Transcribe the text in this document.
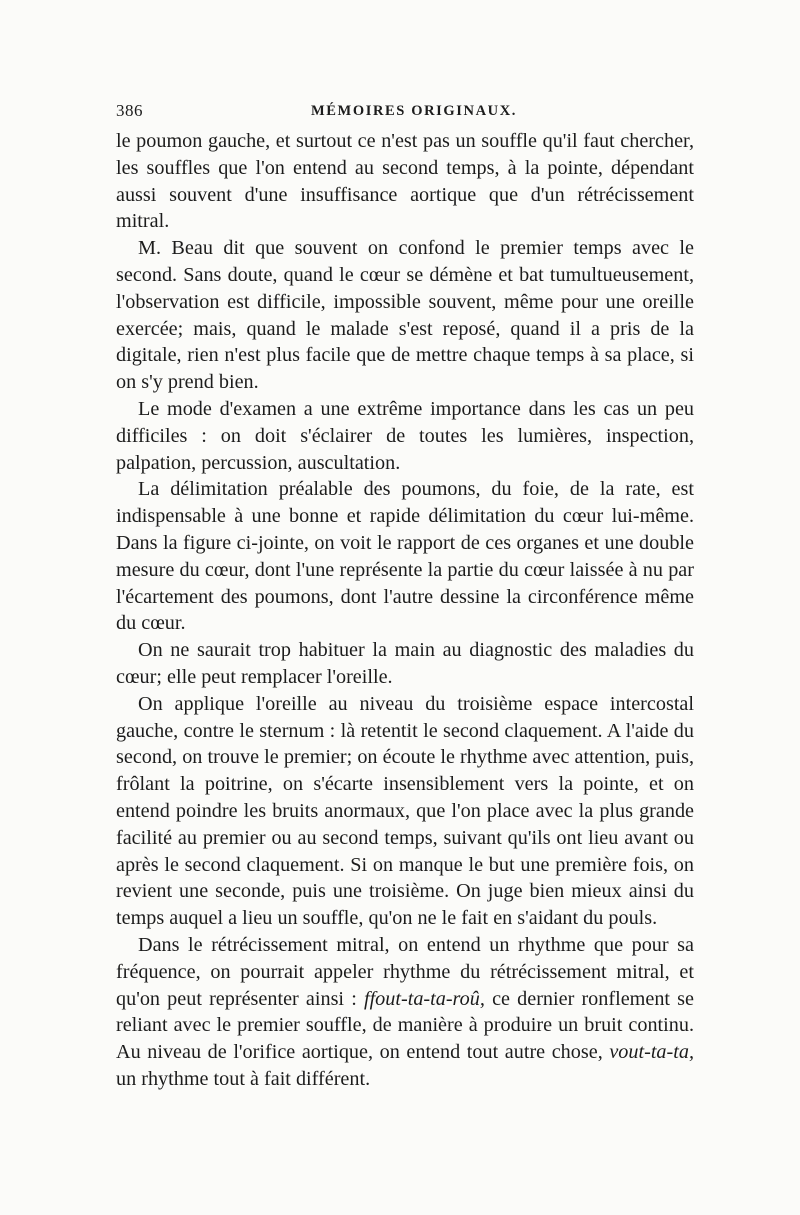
386	MÉMOIRES ORIGINAUX.

le poumon gauche, et surtout ce n'est pas un souffle qu'il faut chercher, les souffles que l'on entend au second temps, à la pointe, dépendant aussi souvent d'une insuffisance aortique que d'un rétrécissement mitral.

M. Beau dit que souvent on confond le premier temps avec le second. Sans doute, quand le cœur se démène et bat tumultueusement, l'observation est difficile, impossible souvent, même pour une oreille exercée; mais, quand le malade s'est reposé, quand il a pris de la digitale, rien n'est plus facile que de mettre chaque temps à sa place, si on s'y prend bien.

Le mode d'examen a une extrême importance dans les cas un peu difficiles : on doit s'éclairer de toutes les lumières, inspection, palpation, percussion, auscultation.

La délimitation préalable des poumons, du foie, de la rate, est indispensable à une bonne et rapide délimitation du cœur lui-même. Dans la figure ci-jointe, on voit le rapport de ces organes et une double mesure du cœur, dont l'une représente la partie du cœur laissée à nu par l'écartement des poumons, dont l'autre dessine la circonférence même du cœur.

On ne saurait trop habituer la main au diagnostic des maladies du cœur; elle peut remplacer l'oreille.

On applique l'oreille au niveau du troisième espace intercostal gauche, contre le sternum : là retentit le second claquement. A l'aide du second, on trouve le premier; on écoute le rhythme avec attention, puis, frôlant la poitrine, on s'écarte insensiblement vers la pointe, et on entend poindre les bruits anormaux, que l'on place avec la plus grande facilité au premier ou au second temps, suivant qu'ils ont lieu avant ou après le second claquement. Si on manque le but une première fois, on revient une seconde, puis une troisième. On juge bien mieux ainsi du temps auquel a lieu un souffle, qu'on ne le fait en s'aidant du pouls.

Dans le rétrécissement mitral, on entend un rhythme que pour sa fréquence, on pourrait appeler rhythme du rétrécissement mitral, et qu'on peut représenter ainsi : ffout-ta-ta-roû, ce dernier ronflement se reliant avec le premier souffle, de manière à produire un bruit continu. Au niveau de l'orifice aortique, on entend tout autre chose, vout-ta-ta, un rhythme tout à fait différent.
